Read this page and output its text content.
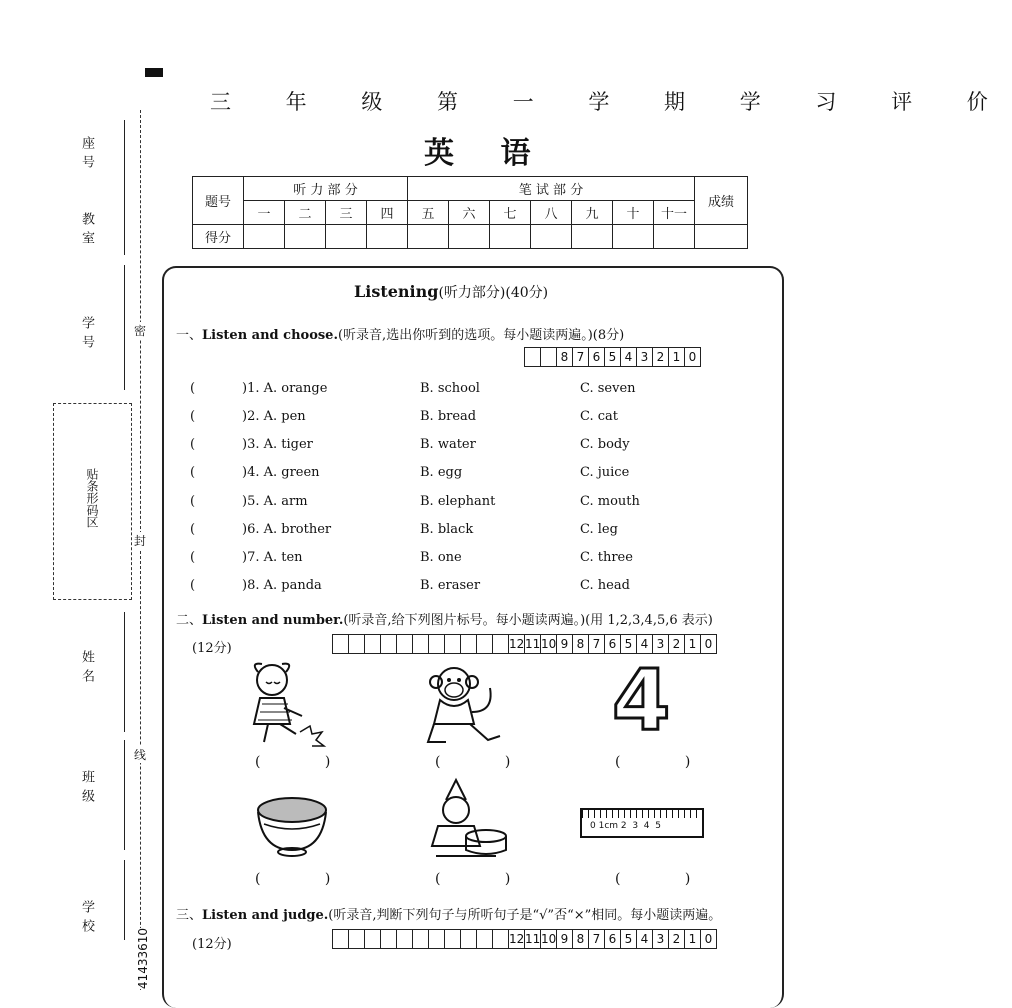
座号
教室
学号
姓名
班级
学校
贴条形码区
密
封
线
41433610
三 年 级 第 一 学 期 学 习 评 价
英 语
题号	听 力 部 分				笔 试 部 分							成绩
	一	二	三	四	五	六	七	八	九	十	十一	
得分												
Listening(听力部分)(40分)
一、Listen and choose.(听录音,选出你听到的选项。每小题读两遍。)(8分)
8 7 6 5 4 3 2 1 0
(	)1. A. orange	B. school	C. seven
(	)2. A. pen	B. bread	C. cat
(	)3. A. tiger	B. water	C. body
(	)4. A. green	B. egg	C. juice
(	)5. A. arm	B. elephant	C. mouth
(	)6. A. brother	B. black	C. leg
(	)7. A. ten	B. one	C. three
(	)8. A. panda	B. eraser	C. head
二、Listen and number.(听录音,给下列图片标号。每小题读两遍。)(用 1,2,3,4,5,6 表示)
(12分)	12 11 10 9 8 7 6 5 4 3 2 1 0
4
( )	( )	( )
0 1cm 2  3  4  5
( )	( )	( )
三、Listen and judge.(听录音,判断下列句子与所听句子是“√”否“×”相同。每小题读两遍。
(12分)	12 11 10 9 8 7 6 5 4 3 2 1 0
